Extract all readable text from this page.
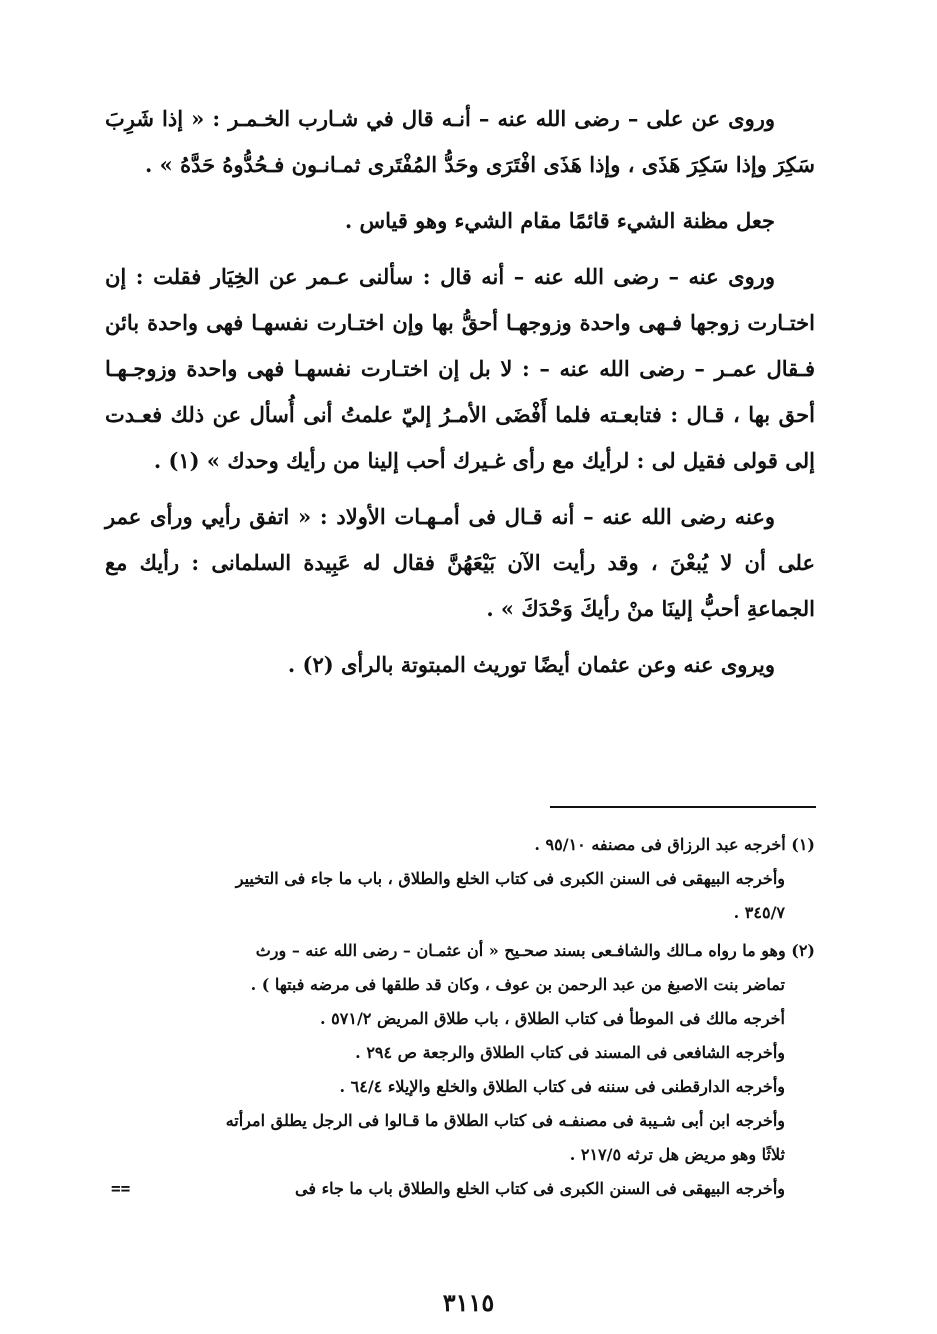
وروى عن على – رضى الله عنه – أنـه قال في شـارب الخـمـر : « إذا شَرِبَ سَكِرَ وإذا سَكِرَ هَذَى ، وإذا هَذَى افْتَرَى وحَدُّ المُفْتَرى ثمـانـون فـحُدُّوهُ حَدَّهُ » .

جعل مظنة الشيء قائمًا مقام الشيء وهو قياس .

وروى عنه – رضى الله عنه – أنه قال : سألنى عـمر عن الخِيَار فقلت : إن اختـارت زوجها فـهى واحدة وزوجهـا أحقُّ بها وإن اختـارت نفسهـا فهى واحدة بائن فـقال عمـر – رضى الله عنه – : لا بل إن اختـارت نفسهـا فهى واحدة وزوجـهـا أحق بها ، قـال : فتابعـته فلما أَفْضَى الأمـرُ إليّ علمتُ أنى أُسأل عن ذلك فعـدت إلى قولى فقيل لى : لرأيك مع رأى غـيرك أحب إلينا من رأيك وحدك » (١) .

وعنه رضى الله عنه – أنه قـال فى أمـهـات الأولاد : « اتفق رأيي ورأى عمر على أن لا يُبعْنَ ، وقد رأيت الآن بَيْعَهُنَّ فقال له عَبِيدة السلمانى : رأيك مع الجماعةِ أحبُّ إلينَا منْ رأيكَ وَحْدَكَ » .

ويروى عنه وعن عثمان أيضًا توريث المبتوتة بالرأى (٢) .

(١) أخرجه عبد الرزاق فى مصنفه ٩٥/١٠ .

وأخرجه البيهقى فى السنن الكبرى فى كتاب الخلع والطلاق ، باب ما جاء فى التخيير

٣٤٥/٧ .

(٢) وهو ما رواه مـالك والشافـعى بسند صحـيح « أن عثمـان – رضى الله عنه – ورث

تماضر بنت الاصبغ من عبد الرحمن بن عوف ، وكان قد طلقها فى مرضه فبتها ) .

أخرجه مالك فى الموطأ فى كتاب الطلاق ، باب طلاق المريض ٥٧١/٢ .

وأخرجه الشافعى فى المسند فى كتاب الطلاق والرجعة ص ٢٩٤ .

وأخرجه الدارقطنى فى سننه فى كتاب الطلاق والخلع والإيلاء ٦٤/٤ .

وأخرجه ابن أبى شـيبة فى مصنفـه فى كتاب الطلاق ما قـالوا فى الرجل يطلق امرأته

ثلاثًا وهو مريض هل ترثه ٢١٧/٥ .

وأخرجه البيهقى فى السنن الكبرى فى كتاب الخلع والطلاق باب ما جاء فى
==
٣١١٥
